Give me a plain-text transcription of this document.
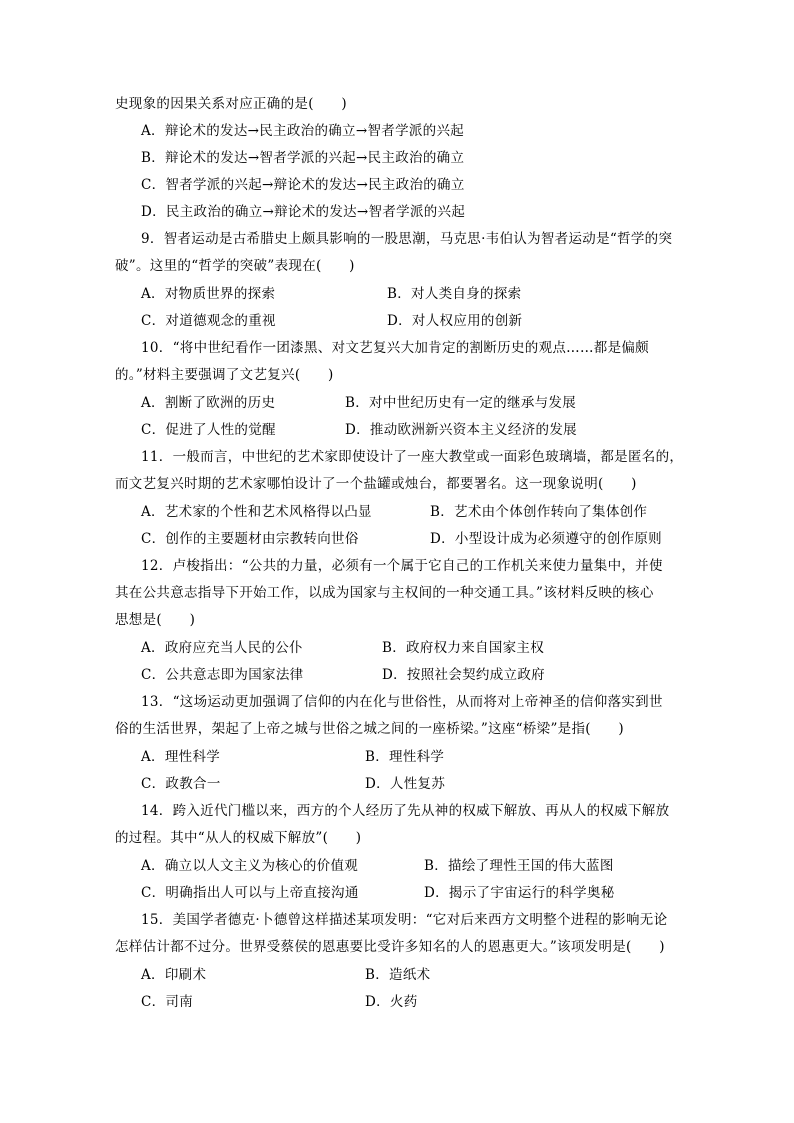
史现象的因果关系对应正确的是(　　)
A．辩论术的发达→民主政治的确立→智者学派的兴起
B．辩论术的发达→智者学派的兴起→民主政治的确立
C．智者学派的兴起→辩论术的发达→民主政治的确立
D．民主政治的确立→辩论术的发达→智者学派的兴起
9．智者运动是古希腊史上颇具影响的一股思潮，马克思·韦伯认为智者运动是“哲学的突
破”。这里的“哲学的突破”表现在(　　)
A．对物质世界的探索	B．对人类自身的探索
C．对道德观念的重视	D．对人权应用的创新
10．“将中世纪看作一团漆黑、对文艺复兴大加肯定的割断历史的观点……都是偏颇
的。”材料主要强调了文艺复兴(　　)
A．割断了欧洲的历史	B．对中世纪历史有一定的继承与发展
C．促进了人性的觉醒	D．推动欧洲新兴资本主义经济的发展
11．一般而言，中世纪的艺术家即使设计了一座大教堂或一面彩色玻璃墙，都是匿名的，
而文艺复兴时期的艺术家哪怕设计了一个盐罐或烛台，都要署名。这一现象说明(　　)
A．艺术家的个性和艺术风格得以凸显	B．艺术由个体创作转向了集体创作
C．创作的主要题材由宗教转向世俗	D．小型设计成为必须遵守的创作原则
12．卢梭指出：“公共的力量，必须有一个属于它自己的工作机关来使力量集中，并使
其在公共意志指导下开始工作，以成为国家与主权间的一种交通工具。”该材料反映的核心
思想是(　　)
A．政府应充当人民的公仆	B．政府权力来自国家主权
C．公共意志即为国家法律	D．按照社会契约成立政府
13．“这场运动更加强调了信仰的内在化与世俗性，从而将对上帝神圣的信仰落实到世
俗的生活世界，架起了上帝之城与世俗之城之间的一座桥梁。”这座“桥梁”是指(　　)
A．理性科学	B．理性科学
C．政教合一	D．人性复苏
14．跨入近代门槛以来，西方的个人经历了先从神的权威下解放、再从人的权威下解放
的过程。其中“从人的权威下解放”(　　)
A．确立以人文主义为核心的价值观	B．描绘了理性王国的伟大蓝图
C．明确指出人可以与上帝直接沟通	D．揭示了宇宙运行的科学奥秘
15．美国学者德克·卜德曾这样描述某项发明：“它对后来西方文明整个进程的影响无论
怎样估计都不过分。世界受蔡侯的恩惠要比受许多知名的人的恩惠更大。”该项发明是(　　)
A．印刷术	B．造纸术
C．司南	D．火药
